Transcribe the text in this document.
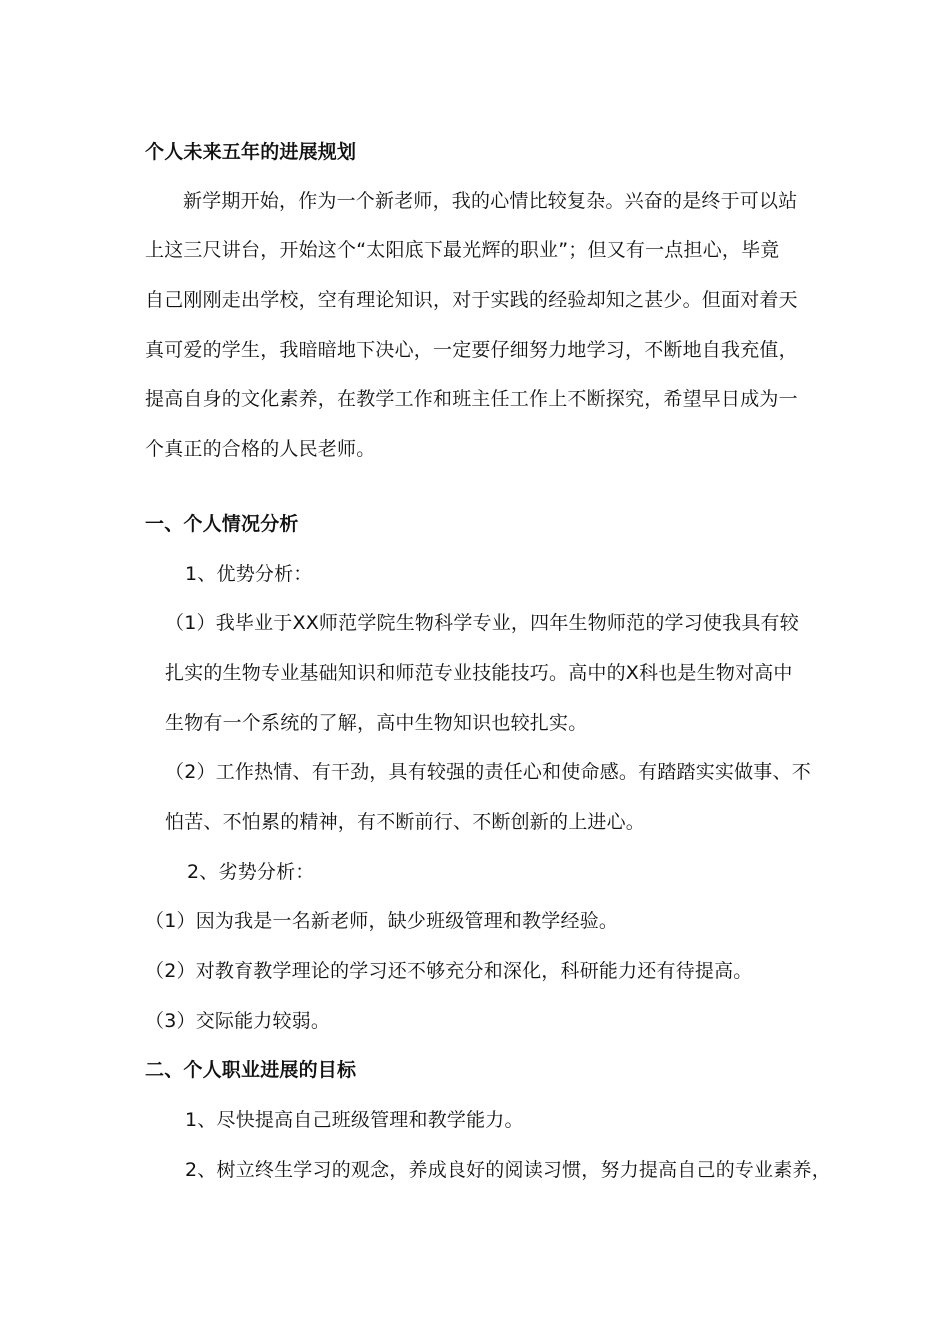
个人未来五年的进展规划
新学期开始，作为一个新老师，我的心情比较复杂。兴奋的是终于可以站
上这三尺讲台，开始这个“太阳底下最光辉的职业”；但又有一点担心，毕竟
自己刚刚走出学校，空有理论知识，对于实践的经验却知之甚少。但面对着天
真可爱的学生，我暗暗地下决心，一定要仔细努力地学习，不断地自我充值，
提高自身的文化素养，在教学工作和班主任工作上不断探究，希望早日成为一
个真正的合格的人民老师。
一、个人情况分析
1、优势分析：
（1）我毕业于XX师范学院生物科学专业，四年生物师范的学习使我具有较
扎实的生物专业基础知识和师范专业技能技巧。高中的X科也是生物对高中
生物有一个系统的了解，高中生物知识也较扎实。
（2）工作热情、有干劲，具有较强的责任心和使命感。有踏踏实实做事、不
怕苦、不怕累的精神，有不断前行、不断创新的上进心。
2、劣势分析：
（1）因为我是一名新老师，缺少班级管理和教学经验。
（2）对教育教学理论的学习还不够充分和深化，科研能力还有待提高。
（3）交际能力较弱。
二、个人职业进展的目标
1、尽快提高自己班级管理和教学能力。
2、树立终生学习的观念，养成良好的阅读习惯，努力提高自己的专业素养，
